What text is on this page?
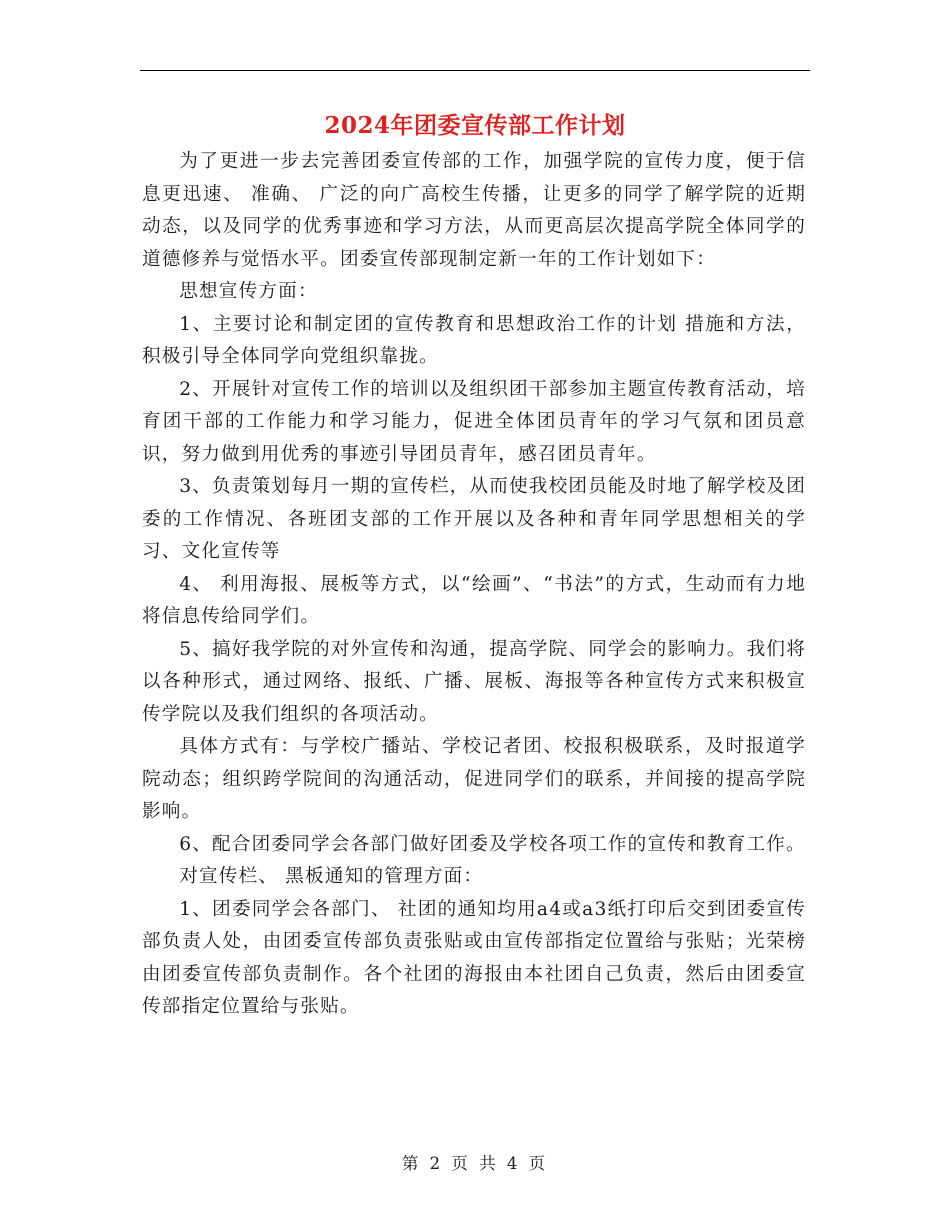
2024年团委宣传部工作计划

为了更进一步去完善团委宣传部的工作，加强学院的宣传力度，便于信息更迅速、 准确、 广泛的向广高校生传播，让更多的同学了解学院的近期动态，以及同学的优秀事迹和学习方法，从而更高层次提高学院全体同学的道德修养与觉悟水平。团委宣传部现制定新一年的工作计划如下：

思想宣传方面：

1、主要讨论和制定团的宣传教育和思想政治工作的计划 措施和方法，积极引导全体同学向党组织靠拢。

2、开展针对宣传工作的培训以及组织团干部参加主题宣传教育活动，培育团干部的工作能力和学习能力，促进全体团员青年的学习气氛和团员意识，努力做到用优秀的事迹引导团员青年，感召团员青年。

3、负责策划每月一期的宣传栏，从而使我校团员能及时地了解学校及团委的工作情况、各班团支部的工作开展以及各种和青年同学思想相关的学习、文化宣传等

4、 利用海报、展板等方式，以“绘画”、“书法”的方式，生动而有力地将信息传给同学们。

5、搞好我学院的对外宣传和沟通，提高学院、同学会的影响力。我们将以各种形式，通过网络、报纸、广播、展板、海报等各种宣传方式来积极宣传学院以及我们组织的各项活动。

具体方式有：与学校广播站、学校记者团、校报积极联系，及时报道学院动态；组织跨学院间的沟通活动，促进同学们的联系，并间接的提高学院影响。

6、配合团委同学会各部门做好团委及学校各项工作的宣传和教育工作。

对宣传栏、 黑板通知的管理方面：

1、团委同学会各部门、 社团的通知均用a4或a3纸打印后交到团委宣传部负责人处，由团委宣传部负责张贴或由宣传部指定位置给与张贴；光荣榜由团委宣传部负责制作。各个社团的海报由本社团自己负责，然后由团委宣传部指定位置给与张贴。

第 2 页 共 4 页
